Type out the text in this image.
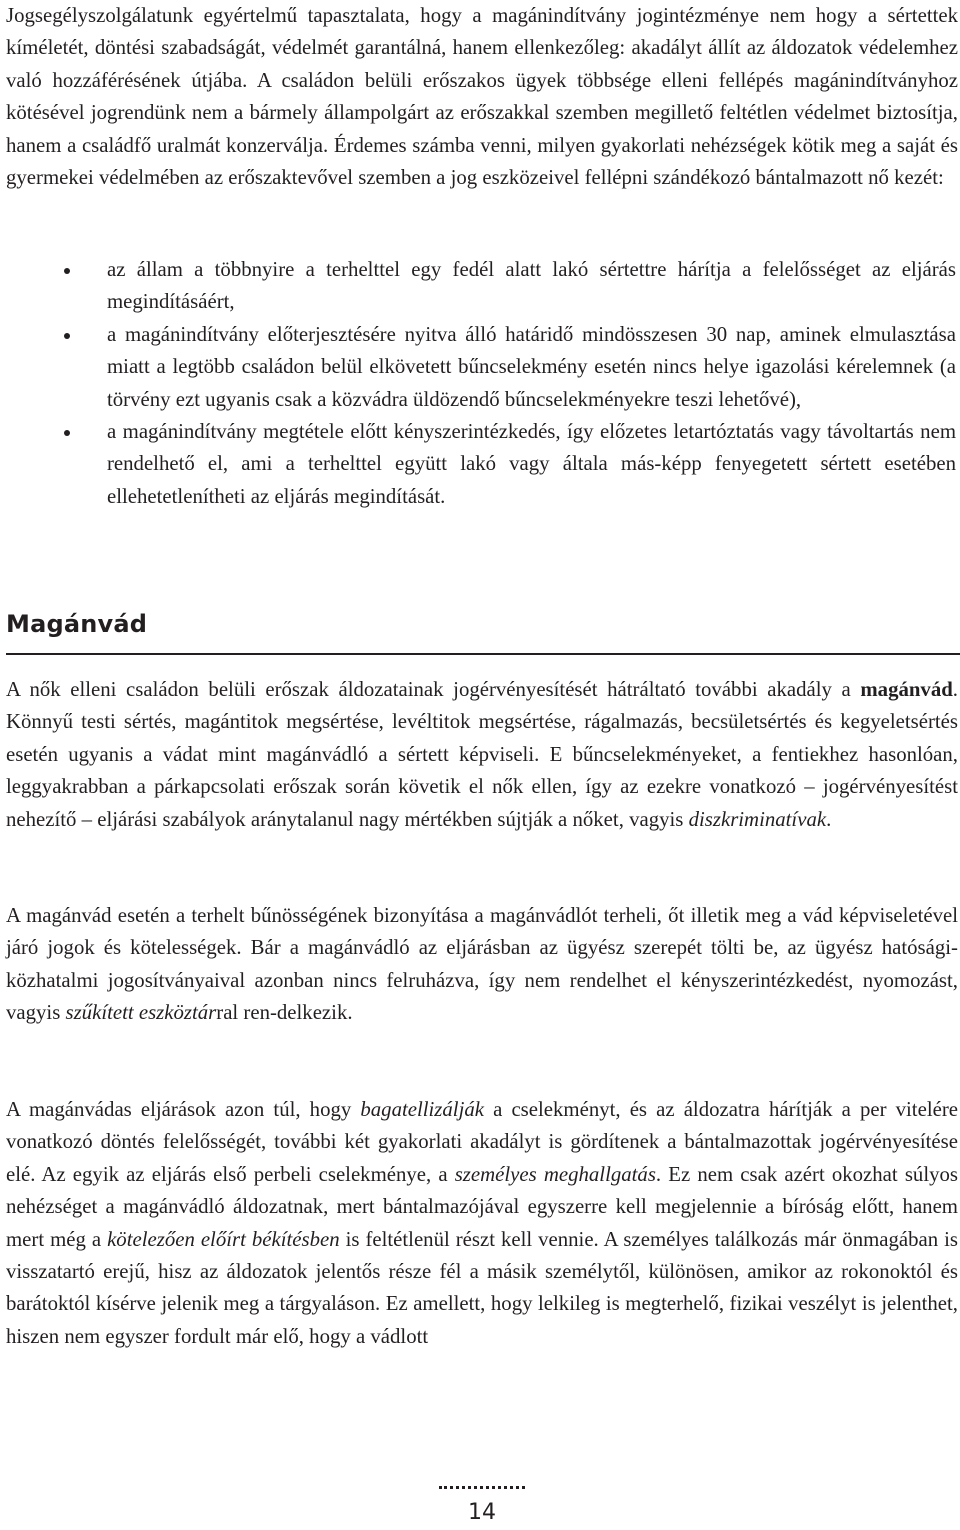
Jogsegélyszolgálatunk egyértelmű tapasztalata, hogy a magánindítvány jogintézménye nem hogy a sértettek kíméletét, döntési szabadságát, védelmét garantálná, hanem ellenkezőleg: akadályt állít az áldozatok védelemhez való hozzáférésének útjába. A családon belüli erőszakos ügyek többsége elleni fellépés magánindítványhoz kötésével jogrendünk nem a bármely állampolgárt az erőszakkal szemben megillető feltétlen védelmet biztosítja, hanem a családfő uralmát konzerválja. Érdemes számba venni, milyen gyakorlati nehézségek kötik meg a saját és gyermekei védelmében az erőszaktevővel szemben a jog eszközeivel fellépni szándékozó bántalmazott nő kezét:

az állam a többnyire a terhelttel egy fedél alatt lakó sértettre hárítja a felelősséget az eljárás megindításáért,
a magánindítvány előterjesztésére nyitva álló határidő mindösszesen 30 nap, aminek elmulasztása miatt a legtöbb családon belül elkövetett bűncselekmény esetén nincs helye igazolási kérelemnek (a törvény ezt ugyanis csak a közvádra üldözendő bűncselekményekre teszi lehetővé),
a magánindítvány megtétele előtt kényszerintézkedés, így előzetes letartóztatás vagy távoltartás nem rendelhető el, ami a terhelttel együtt lakó vagy általa más-képp fenyegetett sértett esetében ellehetetlenítheti az eljárás megindítását.
Magánvád

A nők elleni családon belüli erőszak áldozatainak jogérvényesítését hátráltató további akadály a magánvád. Könnyű testi sértés, magántitok megsértése, levéltitok megsértése, rágalmazás, becsületsértés és kegyeletsértés esetén ugyanis a vádat mint magánvádló a sértett képviseli. E bűncselekményeket, a fentiekhez hasonlóan, leggyakrabban a párkapcsolati erőszak során követik el nők ellen, így az ezekre vonatkozó – jogérvényesítést nehezítő – eljárási szabályok aránytalanul nagy mértékben sújtják a nőket, vagyis diszkriminatívak.

A magánvád esetén a terhelt bűnösségének bizonyítása a magánvádlót terheli, őt illetik meg a vád képviseletével járó jogok és kötelességek. Bár a magánvádló az eljárásban az ügyész szerepét tölti be, az ügyész hatósági-közhatalmi jogosítványaival azonban nincs felruházva, így nem rendelhet el kényszerintézkedést, nyomozást, vagyis szűkített eszköztárral ren-delkezik.

A magánvádas eljárások azon túl, hogy bagatellizálják a cselekményt, és az áldozatra hárítják a per vitelére vonatkozó döntés felelősségét, további két gyakorlati akadályt is gördítenek a bántalmazottak jogérvényesítése elé. Az egyik az eljárás első perbeli cselekménye, a személyes meghallgatás. Ez nem csak azért okozhat súlyos nehézséget a magánvádló áldozatnak, mert bántalmazójával egyszerre kell megjelennie a bíróság előtt, hanem mert még a kötelezően előírt békítésben is feltétlenül részt kell vennie. A személyes találkozás már önmagában is visszatartó erejű, hisz az áldozatok jelentős része fél a másik személytől, különösen, amikor az rokonoktól és barátoktól kísérve jelenik meg a tárgyaláson. Ez amellett, hogy lelkileg is megterhelő, fizikai veszélyt is jelenthet, hiszen nem egyszer fordult már elő, hogy a vádlott

14
